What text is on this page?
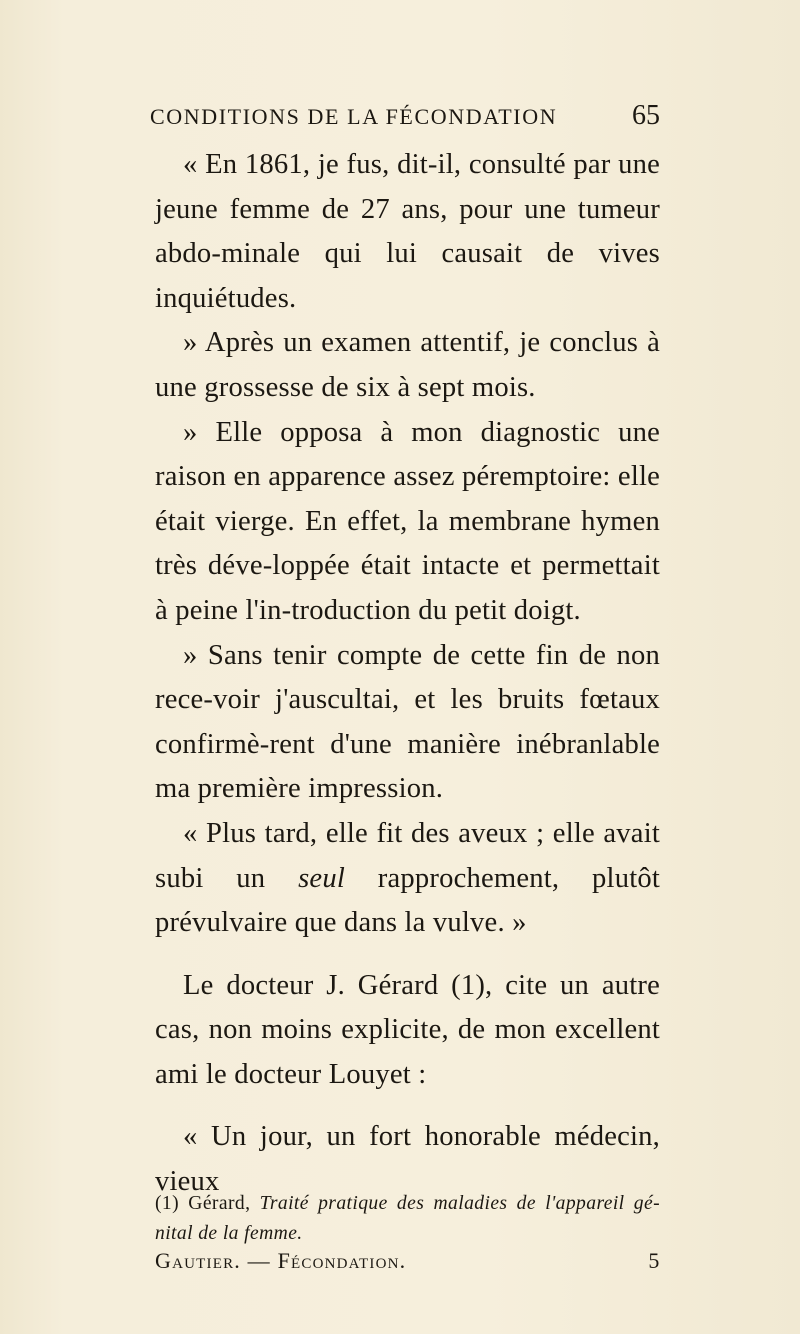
CONDITIONS DE LA FÉCONDATION	65

« En 1861, je fus, dit-il, consulté par une jeune femme de 27 ans, pour une tumeur abdo-minale qui lui causait de vives inquiétudes.

» Après un examen attentif, je conclus à une grossesse de six à sept mois.

» Elle opposa à mon diagnostic une raison en apparence assez péremptoire: elle était vierge. En effet, la membrane hymen très déve-loppée était intacte et permettait à peine l'in-troduction du petit doigt.

» Sans tenir compte de cette fin de non rece-voir j'auscultai, et les bruits fœtaux confirmè-rent d'une manière inébranlable ma première impression.

« Plus tard, elle fit des aveux ; elle avait subi un seul rapprochement, plutôt prévulvaire que dans la vulve. »

Le docteur J. Gérard (1), cite un autre cas, non moins explicite, de mon excellent ami le docteur Louyet :

« Un jour, un fort honorable médecin, vieux

(1) Gérard, Traité pratique des maladies de l'appareil gé-nital de la femme.

Gautier. — Fécondation.	5
